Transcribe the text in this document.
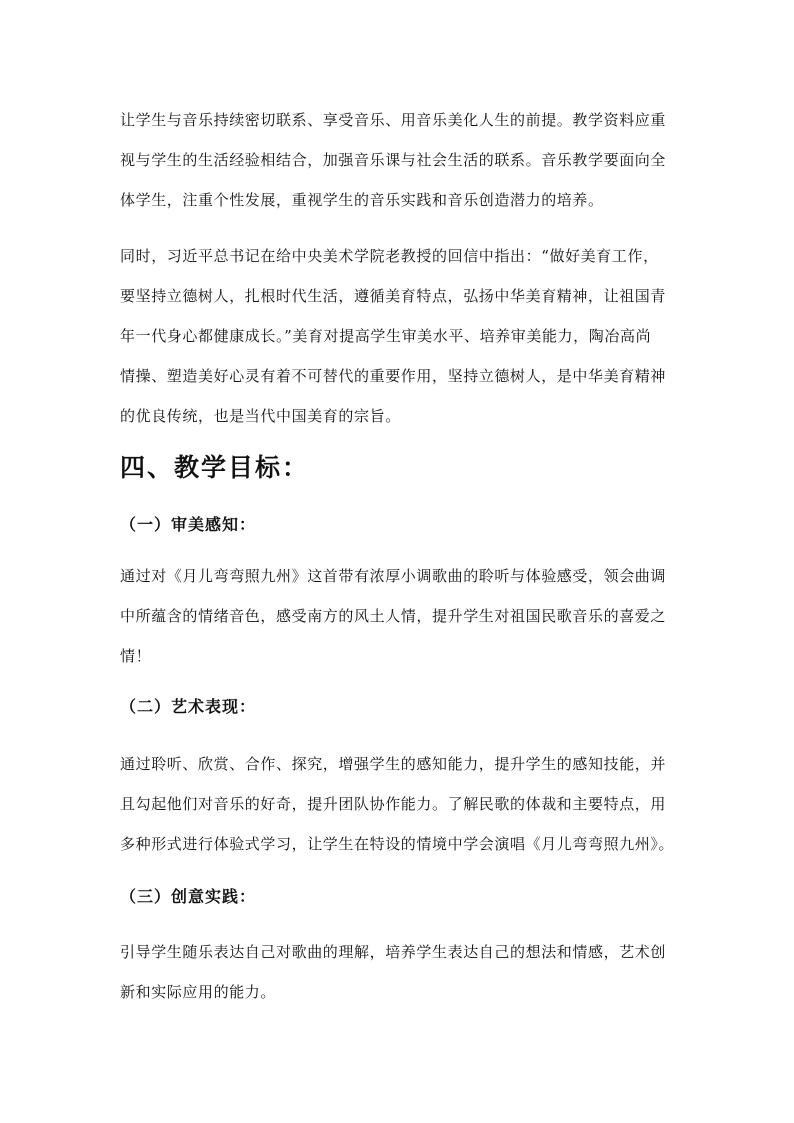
让学生与音乐持续密切联系、享受音乐、用音乐美化人生的前提。教学资料应重
视与学生的生活经验相结合，加强音乐课与社会生活的联系。音乐教学要面向全
体学生，注重个性发展，重视学生的音乐实践和音乐创造潜力的培养。

同时，习近平总书记在给中央美术学院老教授的回信中指出：“做好美育工作，
要坚持立德树人，扎根时代生活，遵循美育特点，弘扬中华美育精神，让祖国青
年一代身心都健康成长。”美育对提高学生审美水平、培养审美能力，陶冶高尚
情操、塑造美好心灵有着不可替代的重要作用，坚持立德树人，是中华美育精神
的优良传统，也是当代中国美育的宗旨。

四、教学目标：
（一）审美感知：

通过对《月儿弯弯照九州》这首带有浓厚小调歌曲的聆听与体验感受，领会曲调
中所蕴含的情绪音色，感受南方的风土人情，提升学生对祖国民歌音乐的喜爱之
情！

（二）艺术表现：

通过聆听、欣赏、合作、探究，增强学生的感知能力，提升学生的感知技能，并
且勾起他们对音乐的好奇，提升团队协作能力。了解民歌的体裁和主要特点，用
多种形式进行体验式学习，让学生在特设的情境中学会演唱《月儿弯弯照九州》。

（三）创意实践：

引导学生随乐表达自己对歌曲的理解，培养学生表达自己的想法和情感，艺术创
新和实际应用的能力。
